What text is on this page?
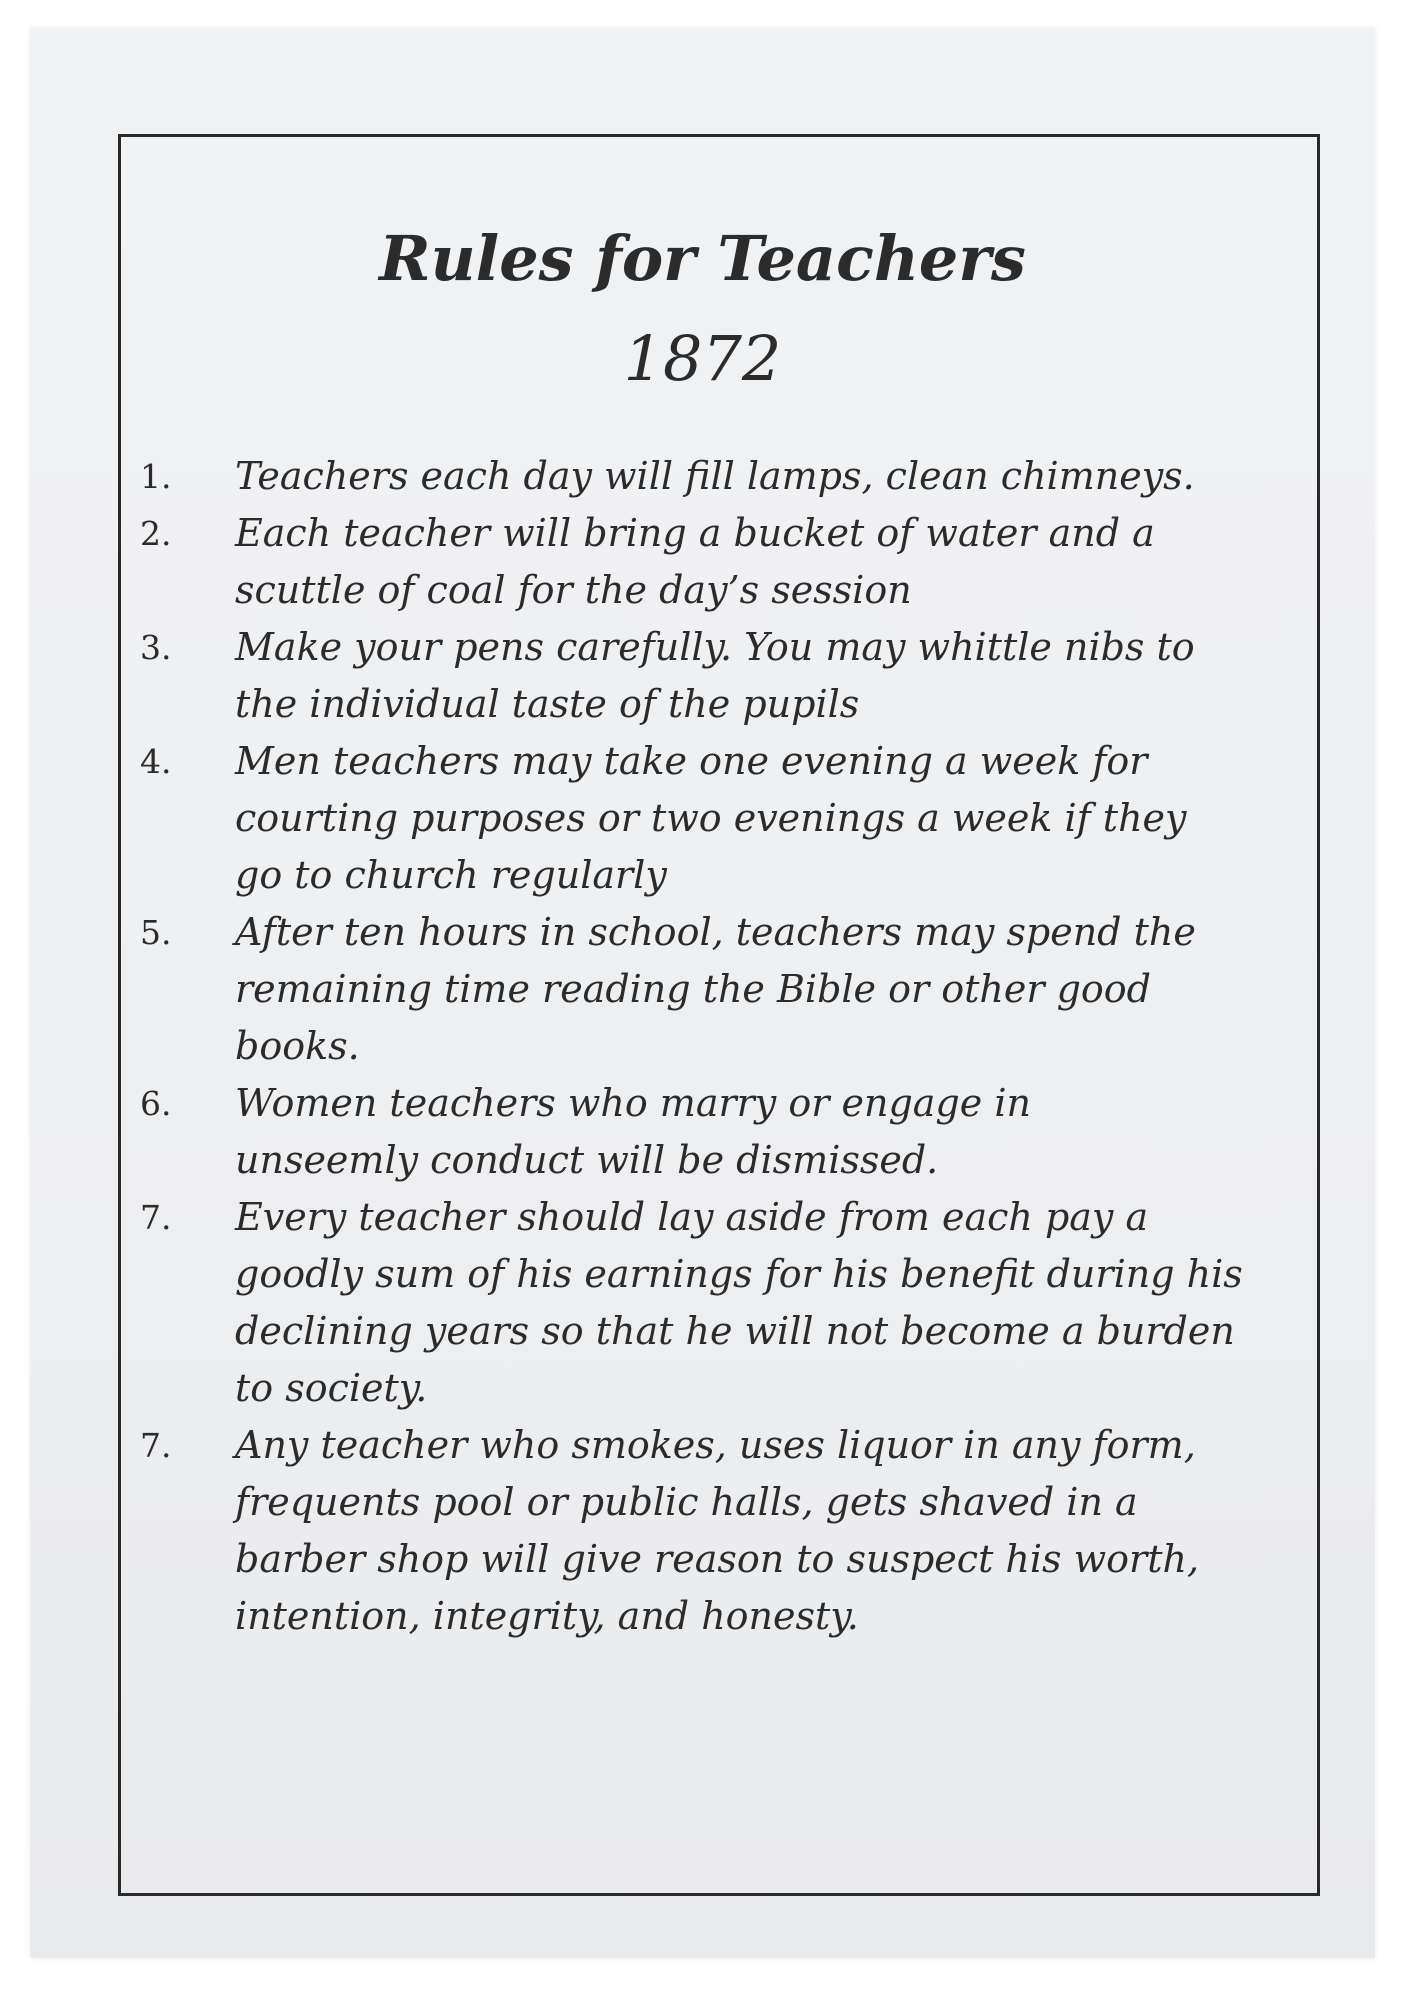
Rules for Teachers
1872
1.	Teachers each day will fill lamps, clean chimneys.
2.	Each teacher will bring a bucket of water and a
scuttle of coal for the day’s session
3.	Make your pens carefully. You may whittle nibs to
the individual taste of the pupils
4.	Men teachers may take one evening a week for
courting purposes or two evenings a week if they
go to church regularly
5.	After ten hours in school, teachers may spend the
remaining time reading the Bible or other good
books.
6.	Women teachers who marry or engage in
unseemly conduct will be dismissed.
7.	Every teacher should lay aside from each pay a
goodly sum of his earnings for his benefit during his
declining years so that he will not become a burden
to society.
7.	Any teacher who smokes, uses liquor in any form,
frequents pool or public halls, gets shaved in a
barber shop will give reason to suspect his worth,
intention, integrity, and honesty.
